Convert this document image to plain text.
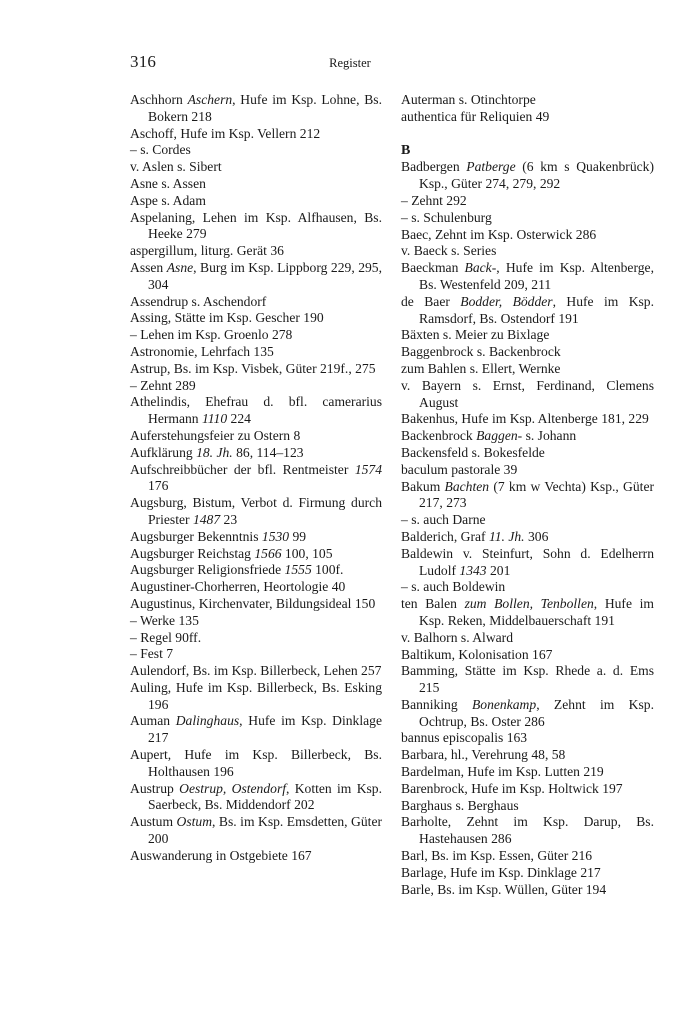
316	Register
Aschhorn Aschern, Hufe im Ksp. Lohne, Bs. Bokern 218
Aschoff, Hufe im Ksp. Vellern 212
– s. Cordes
v. Aslen s. Sibert
Asne s. Assen
Aspe s. Adam
Aspelaning, Lehen im Ksp. Alfhausen, Bs. Heeke 279
aspergillum, liturg. Gerät 36
Assen Asne, Burg im Ksp. Lippborg 229, 295, 304
Assendrup s. Aschendorf
Assing, Stätte im Ksp. Gescher 190
– Lehen im Ksp. Groenlo 278
Astronomie, Lehrfach 135
Astrup, Bs. im Ksp. Visbek, Güter 219f., 275
– Zehnt 289
Athelindis, Ehefrau d. bfl. camerarius Hermann 1110 224
Auferstehungsfeier zu Ostern 8
Aufklärung 18. Jh. 86, 114–123
Aufschreibbücher der bfl. Rentmeister 1574 176
Augsburg, Bistum, Verbot d. Firmung durch Priester 1487 23
Augsburger Bekenntnis 1530 99
Augsburger Reichstag 1566 100, 105
Augsburger Religionsfriede 1555 100f.
Augustiner-Chorherren, Heortologie 40
Augustinus, Kirchenvater, Bildungsideal 150
– Werke 135
– Regel 90ff.
– Fest 7
Aulendorf, Bs. im Ksp. Billerbeck, Lehen 257
Auling, Hufe im Ksp. Billerbeck, Bs. Esking 196
Auman Dalinghaus, Hufe im Ksp. Dinklage 217
Aupert, Hufe im Ksp. Billerbeck, Bs. Holthausen 196
Austrup Oestrup, Ostendorf, Kotten im Ksp. Saerbeck, Bs. Middendorf 202
Austum Ostum, Bs. im Ksp. Emsdetten, Güter 200
Auswanderung in Ostgebiete 167
Auterman s. Otinchtorpe
authentica für Reliquien 49
B
Badbergen Patberge (6 km s Quakenbrück) Ksp., Güter 274, 279, 292
– Zehnt 292
– s. Schulenburg
Baec, Zehnt im Ksp. Osterwick 286
v. Baeck s. Series
Baeckman Back-, Hufe im Ksp. Altenberge, Bs. Westenfeld 209, 211
de Baer Bodder, Bödder, Hufe im Ksp. Ramsdorf, Bs. Ostendorf 191
Bäxten s. Meier zu Bixlage
Baggenbrock s. Backenbrock
zum Bahlen s. Ellert, Wernke
v. Bayern s. Ernst, Ferdinand, Clemens August
Bakenhus, Hufe im Ksp. Altenberge 181, 229
Backenbrock Baggen- s. Johann
Backensfeld s. Bokesfelde
baculum pastorale 39
Bakum Bachten (7 km w Vechta) Ksp., Güter 217, 273
– s. auch Darne
Balderich, Graf 11. Jh. 306
Baldewin v. Steinfurt, Sohn d. Edelherrn Ludolf 1343 201
– s. auch Boldewin
ten Balen zum Bollen, Tenbollen, Hufe im Ksp. Reken, Middelbauerschaft 191
v. Balhorn s. Alward
Baltikum, Kolonisation 167
Bamming, Stätte im Ksp. Rhede a. d. Ems 215
Banniking Bonenkamp, Zehnt im Ksp. Ochtrup, Bs. Oster 286
bannus episcopalis 163
Barbara, hl., Verehrung 48, 58
Bardelman, Hufe im Ksp. Lutten 219
Barenbrock, Hufe im Ksp. Holtwick 197
Barghaus s. Berghaus
Barholte, Zehnt im Ksp. Darup, Bs. Hastehausen 286
Barl, Bs. im Ksp. Essen, Güter 216
Barlage, Hufe im Ksp. Dinklage 217
Barle, Bs. im Ksp. Wüllen, Güter 194
